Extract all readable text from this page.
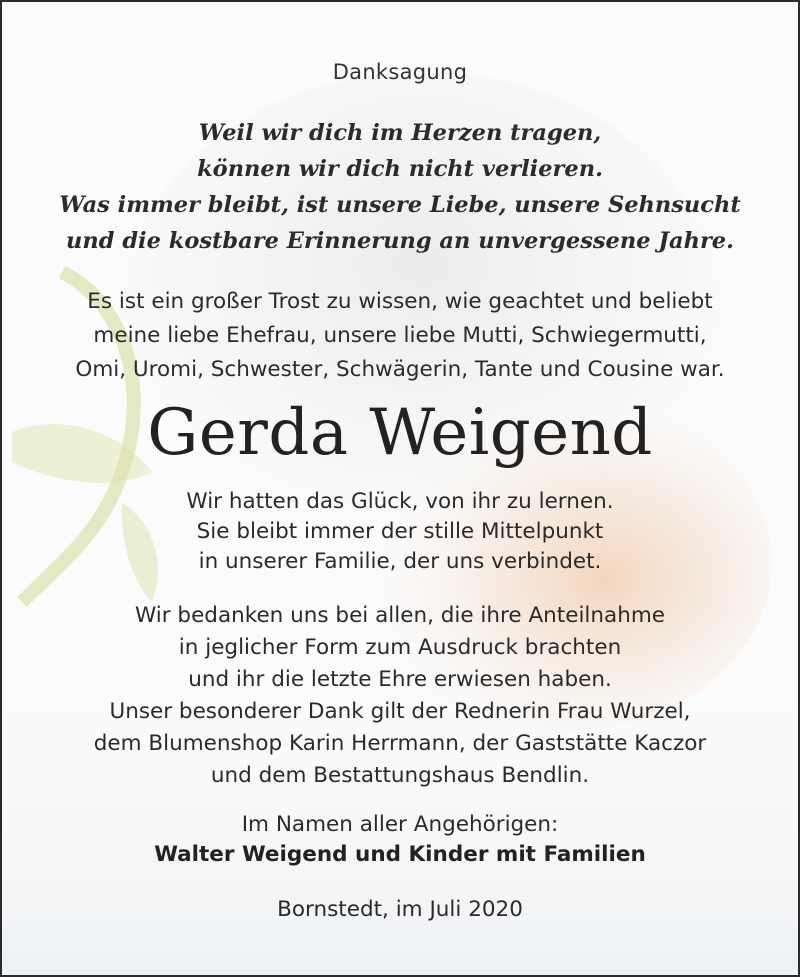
Danksagung
Weil wir dich im Herzen tragen,
können wir dich nicht verlieren.
Was immer bleibt, ist unsere Liebe, unsere Sehnsucht
und die kostbare Erinnerung an unvergessene Jahre.
Es ist ein großer Trost zu wissen, wie geachtet und beliebt
meine liebe Ehefrau, unsere liebe Mutti, Schwiegermutti,
Omi, Uromi, Schwester, Schwägerin, Tante und Cousine war.
Gerda Weigend
Wir hatten das Glück, von ihr zu lernen.
Sie bleibt immer der stille Mittelpunkt
in unserer Familie, der uns verbindet.
Wir bedanken uns bei allen, die ihre Anteilnahme
in jeglicher Form zum Ausdruck brachten
und ihr die letzte Ehre erwiesen haben.
Unser besonderer Dank gilt der Rednerin Frau Wurzel,
dem Blumenshop Karin Herrmann, der Gaststätte Kaczor
und dem Bestattungshaus Bendlin.
Im Namen aller Angehörigen:
Walter Weigend und Kinder mit Familien
Bornstedt, im Juli 2020
